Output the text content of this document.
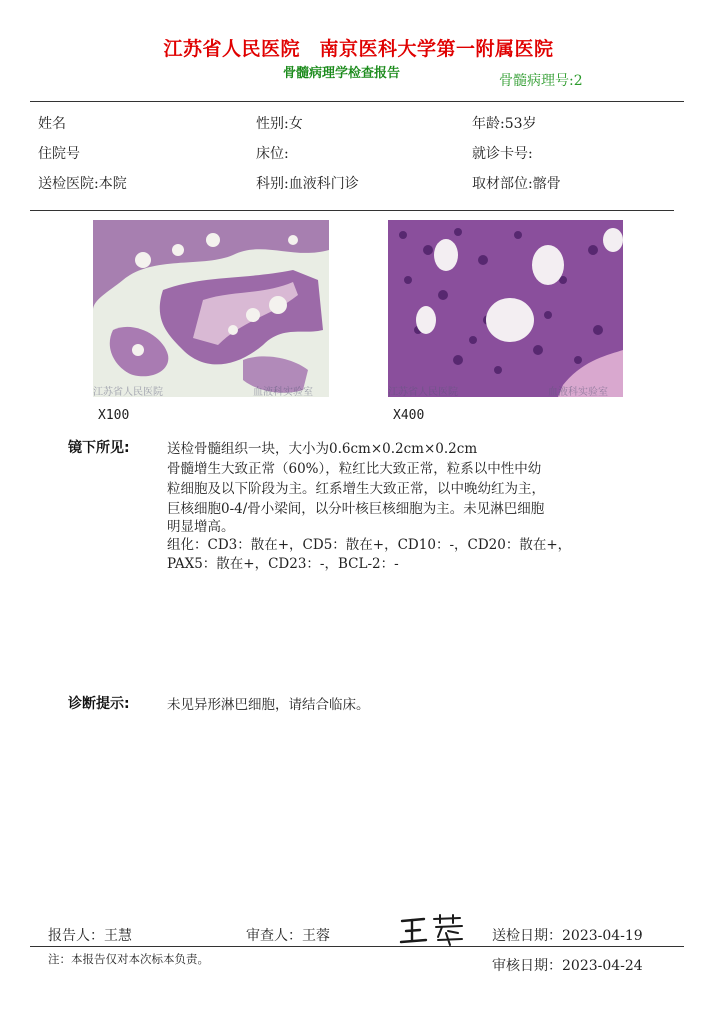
江苏省人民医院　南京医科大学第一附属医院
骨髓病理学检查报告	骨髓病理号:2
姓名	性别:女	年龄:53岁
住院号	床位:	就诊卡号:
送检医院:本院	科别:血液科门诊	取材部位:髂骨
江苏省人民医院	血液科实验室
X100
江苏省人民医院	血液科实验室
X400
镜下所见:	送检骨髓组织一块，大小为0.6cm×0.2cm×0.2cm
骨髓增生大致正常（60%），粒红比大致正常，粒系以中性中幼
粒细胞及以下阶段为主。红系增生大致正常，以中晚幼红为主，
巨核细胞0-4/骨小梁间，以分叶核巨核细胞为主。未见淋巴细胞
明显增高。
组化：CD3：散在+，CD5：散在+，CD10：-，CD20：散在+，
PAX5：散在+，CD23：-，BCL-2：-
诊断提示:	未见异形淋巴细胞，请结合临床。
报告人：王慧	审查人：王蓉	送检日期：2023-04-19
注：本报告仅对本次标本负责。	审核日期：2023-04-24
